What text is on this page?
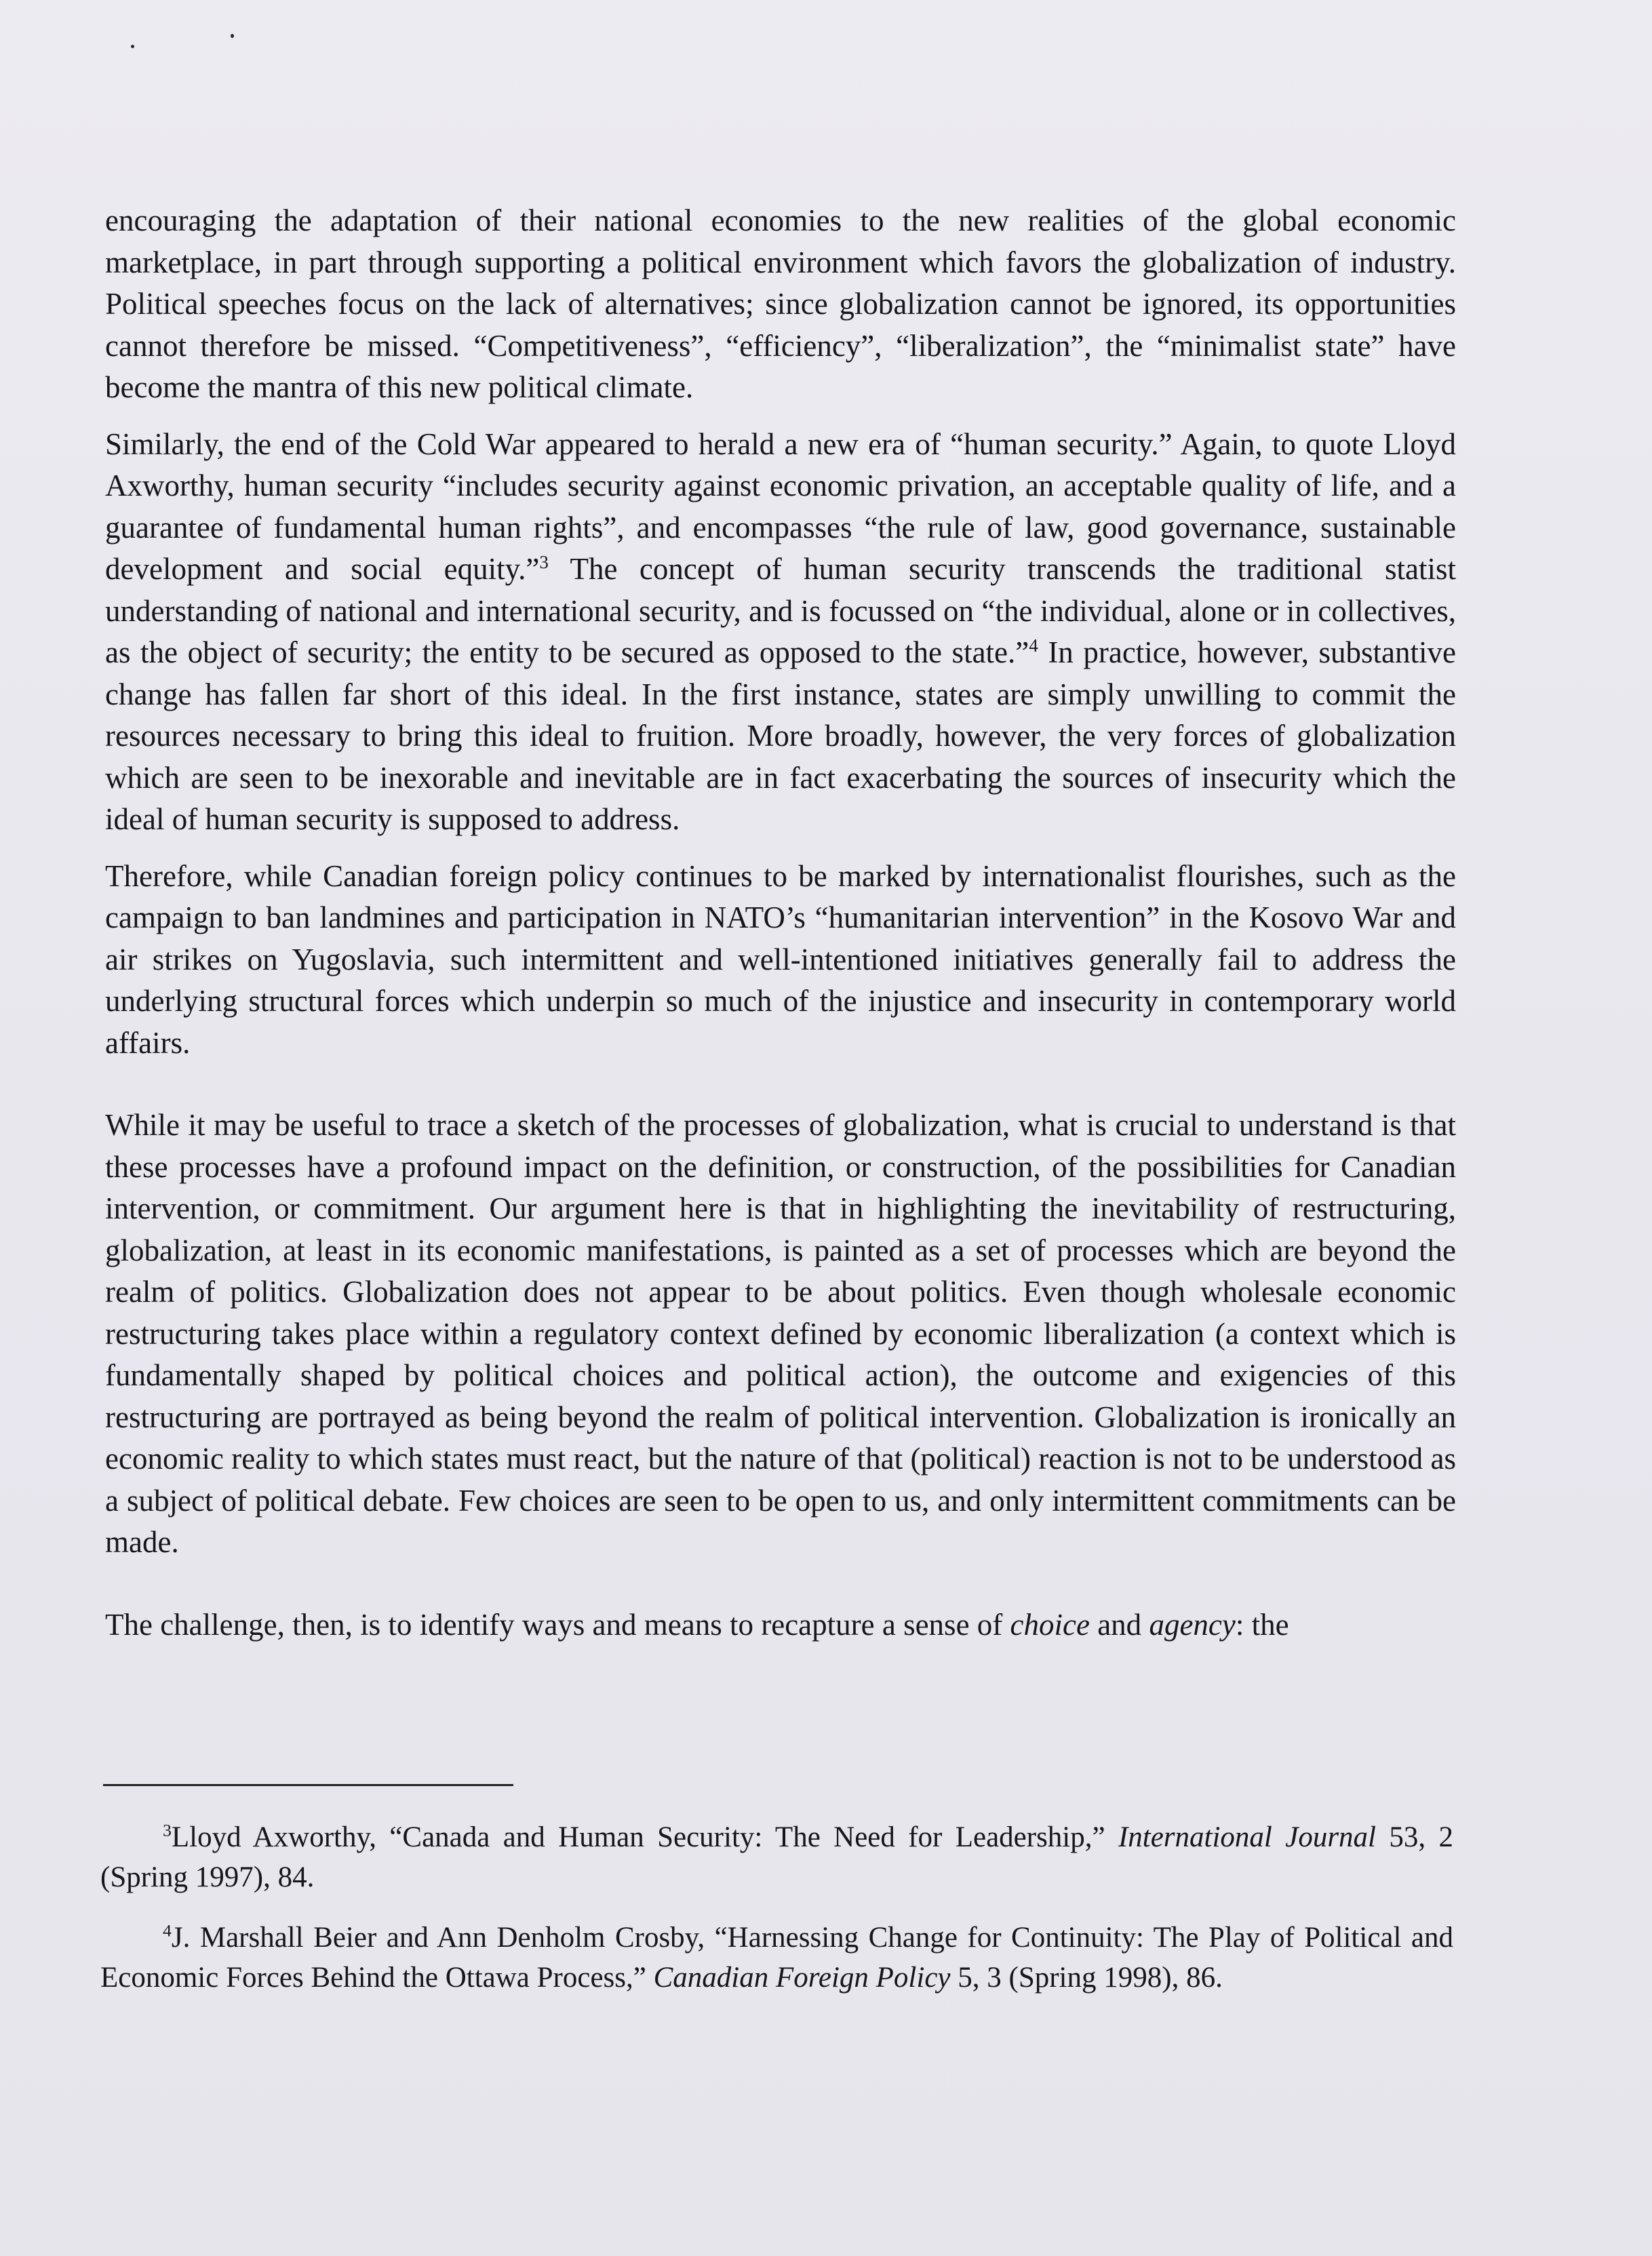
encouraging the adaptation of their national economies to the new realities of the global economic marketplace, in part through supporting a political environment which favors the globalization of industry. Political speeches focus on the lack of alternatives; since globalization cannot be ignored, its opportunities cannot therefore be missed. “Competitiveness”, “efficiency”, “liberalization”, the “minimalist state” have become the mantra of this new political climate.

Similarly, the end of the Cold War appeared to herald a new era of “human security.” Again, to quote Lloyd Axworthy, human security “includes security against economic privation, an acceptable quality of life, and a guarantee of fundamental human rights”, and encompasses “the rule of law, good governance, sustainable development and social equity.”$^3$ The concept of human security transcends the traditional statist understanding of national and international security, and is focussed on “the individual, alone or in collectives, as the object of security; the entity to be secured as opposed to the state.”$^4$ In practice, however, substantive change has fallen far short of this ideal. In the first instance, states are simply unwilling to commit the resources necessary to bring this ideal to fruition. More broadly, however, the very forces of globalization which are seen to be inexorable and inevitable are in fact exacerbating the sources of insecurity which the ideal of human security is supposed to address.

Therefore, while Canadian foreign policy continues to be marked by internationalist flourishes, such as the campaign to ban landmines and participation in NATO’s “humanitarian intervention” in the Kosovo War and air strikes on Yugoslavia, such intermittent and well-intentioned initiatives generally fail to address the underlying structural forces which underpin so much of the injustice and insecurity in contemporary world affairs.

While it may be useful to trace a sketch of the processes of globalization, what is crucial to understand is that these processes have a profound impact on the definition, or construction, of the possibilities for Canadian intervention, or commitment. Our argument here is that in highlighting the inevitability of restructuring, globalization, at least in its economic manifestations, is painted as a set of processes which are beyond the realm of politics. Globalization does not appear to be about politics. Even though wholesale economic restructuring takes place within a regulatory context defined by economic liberalization (a context which is fundamentally shaped by political choices and political action), the outcome and exigencies of this restructuring are portrayed as being beyond the realm of political intervention. Globalization is ironically an economic reality to which states must react, but the nature of that (political) reaction is not to be understood as a subject of political debate. Few choices are seen to be open to us, and only intermittent commitments can be made.

The challenge, then, is to identify ways and means to recapture a sense of choice and agency: the

$^3$Lloyd Axworthy, “Canada and Human Security: The Need for Leadership,” International Journal 53, 2 (Spring 1997), 84.

$^4$J. Marshall Beier and Ann Denholm Crosby, “Harnessing Change for Continuity: The Play of Political and Economic Forces Behind the Ottawa Process,” Canadian Foreign Policy 5, 3 (Spring 1998), 86.
